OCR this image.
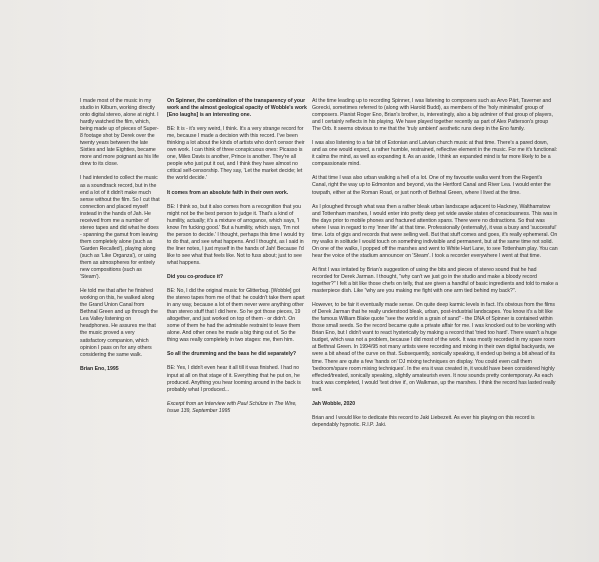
I made most of the music in my studio in Kilburn, working directly onto digital stereo, alone at night. I hardly watched the film, which, being made up of pieces of Super-8 footage shot by Derek over the twenty years between the late Sixties and late Eighties, became more and more poignant as his life drew to its close.

I had intended to collect the music as a soundtrack record, but in the end a lot of it didn't make much sense without the film. So I cut that connection and placed myself instead in the hands of Jah. He received from me a number of stereo tapes and did what he does - spanning the gamut from leaving them completely alone (such as 'Garden Recalled'), playing along (such as 'Like Organza'), or using them as atmospheres for entirely new compositions (such as 'Steam').

He told me that after he finished working on this, he walked along the Grand Union Canal from Bethnal Green and up through the Lea Valley listening on headphones. He assures me that the music proved a very satisfactory companion, which opinion I pass on for any others considering the same walk.

Brian Eno, 1995

On Spinner, the combination of the transparency of your work and the almost geological opacity of Wobble's work [Eno laughs] is an interesting one.

BE: It is - it's very weird, I think. It's a very strange record for me, because I made a decision with this record. I've been thinking a lot about the kinds of artists who don't censor their own work. I can think of three conspicuous ones: Picasso is one, Miles Davis is another, Prince is another. They're all people who just put it out, and I think they have almost no critical self-censorship. They say, 'Let the market decide; let the world decide.'

It comes from an absolute faith in their own work.

BE: I think so, but it also comes from a recognition that you might not be the best person to judge it. That's a kind of humility, actually; it's a mixture of arrogance, which says, 'I know I'm fucking good.' But a humility, which says, 'I'm not the person to decide.' I thought, perhaps this time I would try to do that, and see what happens. And I thought, as I said in the liner notes, I just myself in the hands of Jah! Because I'd like to see what that feels like. Not to fuss about; just to see what happens.

Did you co-produce it?

BE: No, I did the original music for Glitterbug. [Wobble] got the stereo tapes from me of that: he couldn't take them apart in any way, because a lot of them never were anything other than stereo stuff that I did here. So he got those pieces, 19 altogether, and just worked on top of them - or didn't. On some of them he had the admirable restraint to leave them alone. And other ones he made a big thing out of. So the thing was really completely in two stages: me, then him.

So all the drumming and the bass he did separately?

BE: Yes, I didn't even hear it all till it was finished. I had no input at all on that stage of it. Everything that he put on, he produced. Anything you hear looming around in the back is probably what I produced...

Excerpt from an Interview with Paul Schütze in The Wire, Issue 139, September 1995

At the time leading up to recording Spinner, I was listening to composers such as Arvo Pärt, Taverner and Gorecki, sometimes referred to (along with Harold Budd), as members of the 'holy minimalist' group of composers. Pianist Roger Eno, Brian's brother, is, interestingly, also a big admirer of that group of players, and I certainly reflects in his playing. We have played together recently as part of Alex Patterson's group The Orb. It seems obvious to me that the 'truly ambient' aesthetic runs deep in the Eno family.

I was also listening to a fair bit of Estonian and Latvian church music at that time. There's a pared down, and as one would expect, a rather humble, restrained, reflective element in the music. For me it's functional: it calms the mind, as well as expanding it. As an aside, I think an expanded mind is far more likely to be a compassionate mind.

At that time I was also urban walking a hell of a lot. One of my favourite walks went from the Regent's Canal, right the way up to Edmonton and beyond, via the Hertford Canal and River Lea. I would enter the towpath, either at the Roman Road, or just north of Bethnal Green, where I lived at the time.

As I ploughed through what was then a rather bleak urban landscape adjacent to Hackney, Walthamstow and Tottenham marshes, I would enter into pretty deep yet wide awake states of consciousness. This was in the days prior to mobile phones and fractured attention spans. There were no distractions. So that was where I was in regard to my 'inner life' at that time. Professionally (externally), it was a busy and 'successful' time. Lots of gigs and records that were selling well. But that stuff comes and goes, it's really ephemeral. On my walks in solitude I would touch on something indivisible and permanent, but at the same time not solid. On one of the walks, I popped off the marshes and went to White Hart Lane, to see Tottenham play. You can hear the voice of the stadium announcer on 'Steam'. I took a recorder everywhere I went at that time.

At first I was irritated by Brian's suggestion of using the bits and pieces of stereo sound that he had recorded for Derek Jarman. I thought, "why can't we just go in the studio and make a bloody record together?" I felt a bit like those chefs on telly, that are given a handful of basic ingredients and told to make a masterpiece dish. Like "why are you making me fight with one arm tied behind my back?".

However, to be fair it eventually made sense. On quite deep karmic levels in fact. It's obvious from the films of Derek Jarman that he really understood bleak, urban, post-industrial landscapes. You know it's a bit like the famous William Blake quote "see the world in a grain of sand" - the DNA of Spinner is contained within those small seeds. So the record became quite a private affair for me. I was knocked out to be working with Brian Eno, but I didn't want to react hysterically by making a record that 'tried too hard'. There wasn't a huge budget, which was not a problem, because I did most of the work. It was mostly recorded in my spare room at Bethnal Green. In 1994/95 not many artists were recording and mixing in their own digital backyards, we were a bit ahead of the curve on that. Subsequently, sonically speaking, it ended up being a bit ahead of its time. There are quite a few 'hands on' DJ mixing techniques on display. You could even call them 'bedroom/spare room mixing techniques'. In the era it was created in, it would have been considered highly effected/treated, sonically speaking, slightly amateurish even. It now sounds pretty contemporary. As each track was completed, I would 'test drive it', on Walkman, up the marshes. I think the record has lasted really well.

Jah Wobble, 2020

Brian and I would like to dedicate this record to Jaki Liebezeit. As ever his playing on this record is dependably hypnotic. R.I.P. Jaki.
